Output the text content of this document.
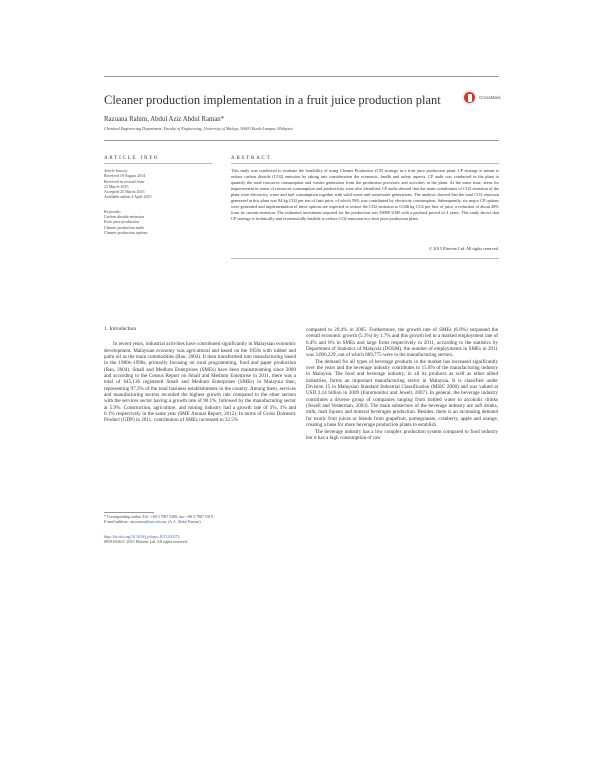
Cleaner production implementation in a fruit juice production plant	CrossMark
Razuana Rahim, Abdul Aziz Abdul Raman*
Chemical Engineering Department, Faculty of Engineering, University of Malaya, 50603 Kuala Lumpur, Malaysia
ARTICLE INFO	ABSTRACT
Article history:
Received 19 August 2014
Received in revised form
21 March 2015
Accepted 25 March 2015
Available online 4 April 2015
Keywords:
Carbon dioxide emission
Fruit juice production
Cleaner production audit
Cleaner production options
This study was conducted to evaluate the feasibility of using Cleaner Production (CP) strategy in a fruit juice production plant. CP strategy is meant to reduce carbon dioxide (CO2) emission by taking into consideration the economic, health and safety aspects. CP audit was conducted in the plant to quantify the total resources consumption and wastes generation from the production processes and activities in the plant. At the same time, areas for improvement in terms of resources consumption and productivity were also identified. CP audit showed that the main contributors of CO2 emission of the plant were electricity, water and fuel consumption together with solid waste and wastewater generations. The analysis showed that the total CO2 emission generated at this plant was 84 kg CO2 per ton of fruit juice, of which 59% was contributed by electricity consumption. Subsequently, six major CP options were generated and implementation of these options are expected to reduce the CO2 emission to 0.046 kg CO2 per liter of juice, a reduction of about 28% from its current emission. The estimated investment required for the production was 58000 USD with a payback period of 4 years. This study shows that CP strategy is technically and economically feasible to reduce CO2 emission in a fruit juice production plant.
© 2015 Elsevier Ltd. All rights reserved.
1. Introduction

In recent years, industrial activities have contributed significantly in Malaysian economic development. Malaysian economy was agricultural and based on the 1950s with rubber and palm oil as the main commodities (Rao, 2004). It then transformed into manufacturing based in the 1980s–1990s, primarily focusing on rural programming, food and paper production (Rao, 2004). Small and Medium Enterprises (SMEs) have been mainstreaming since 2000 and according to the Census Report on Small and Medium Enterprise in 2011, there was a total of 645,136 registered Small and Medium Enterprises (SMEs) in Malaysia then, representing 97.3% of the total business establishments in the country. Among them, services and manufacturing sectors recorded the highest growth rate compared to the other sectors with the services sector having a growth rate of 90.1%, followed by the manufacturing sector at 5.9%. Construction, agriculture, and mining industry had a growth rate of 3%, 1% and 0.1% respectively in the same year (SME Annual Report, 2012). In terms of Gross Domestic Product (GDP) in 2011, contribution of SMEs increased to 32.5%

compared to 29.4% in 2005. Furthermore, the growth rate of SMEs (6.8%) surpassed the overall economic growth (5.1%) by 1.7% and this growth led to a marked employment rate of 6.4% and 6% in SMEs and large firms respectively in 2011, according to the statistics by Department of Statistics of Malaysia (DOSM), the number of employments in SMEs in 2011 was 3,006,229, out of which 689,775 were in the manufacturing sectors.

The demand for all types of beverage products in the market has increased significantly over the years and the beverage industry contributes to 15.8% of the manufacturing industry in Malaysia. The food and beverage industry, in all its products as well as other allied industries, forms an important manufacturing sector in Malaysia. It is classified under Division 15 in Malaysian Standard Industrial Classification (MSIC 2000) and was valued at USD 2.14 billion in 2009 (Euromonitor and Jewell, 2007). In general, the beverage industry constitutes a diverse group of companies ranging from bottled water to alcoholic drinks (Jewell and Vesterman, 2003). The main subsectors of the beverage industry are soft drinks, milk, malt liquors and mineral beverages production. Besides, there is an increasing demand for exotic fruit juices or blends from grapefruit, pomegranate, cranberry, apple and orange, creating a base for more beverage production plants to establish.

The beverage industry has a low complex production system compared to food industry but it has a high consumption of raw

* Corresponding author. Tel.: +60 3 7967 5300; fax: +60 3 7967 5319.
E-mail address: azizraman@um.edu.my (A.A. Abdul Raman).
http://dx.doi.org/10.1016/j.jclepro.2015.03.073
0959-6526/© 2015 Elsevier Ltd. All rights reserved.
